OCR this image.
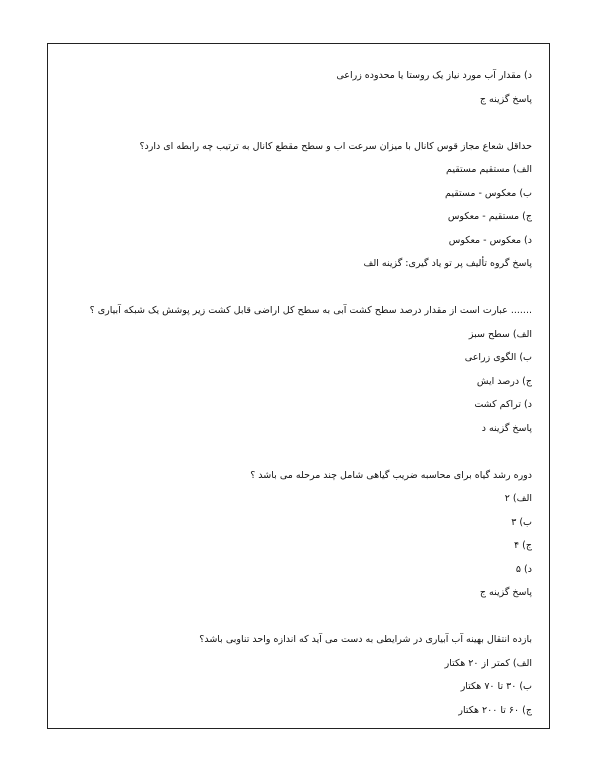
د) مقدار آب مورد نیاز یک روستا یا محدوده زراعی
پاسخ گزینه ج
حداقل شعاع مجاز قوس کانال با میزان سرعت اب و سطح مقطع کانال به ترتیب چه رابطه ای دارد؟
الف) مستقیم مستقیم
ب) معکوس - مستقیم
ج) مستقیم - معکوس
د) معکوس - معکوس
پاسخ گروه تألیف پر تو یاد گیری: گزینه الف
....... عبارت است از مقدار درصد سطح کشت آبی به سطح کل اراضی قابل کشت زیر پوشش یک شبکه آبیاری ؟
الف) سطح سبز
ب) الگوی زراعی
ج) درصد ایش
د) تراکم کشت
پاسخ گزینه د
دوره رشد گیاه برای محاسبه ضریب گیاهی شامل چند مرحله می باشد ؟
الف) ۲
ب) ۳
ج) ۴
د) ۵
پاسخ گزینه ج
بازده انتقال بهینه آب آبیاری در شرایطی به دست می آید که اندازه واحد تناوبی باشد؟
الف) کمتر از ۲۰ هکتار
ب) ۳۰ تا ۷۰ هکتار
ج) ۶۰ تا ۲۰۰ هکتار
